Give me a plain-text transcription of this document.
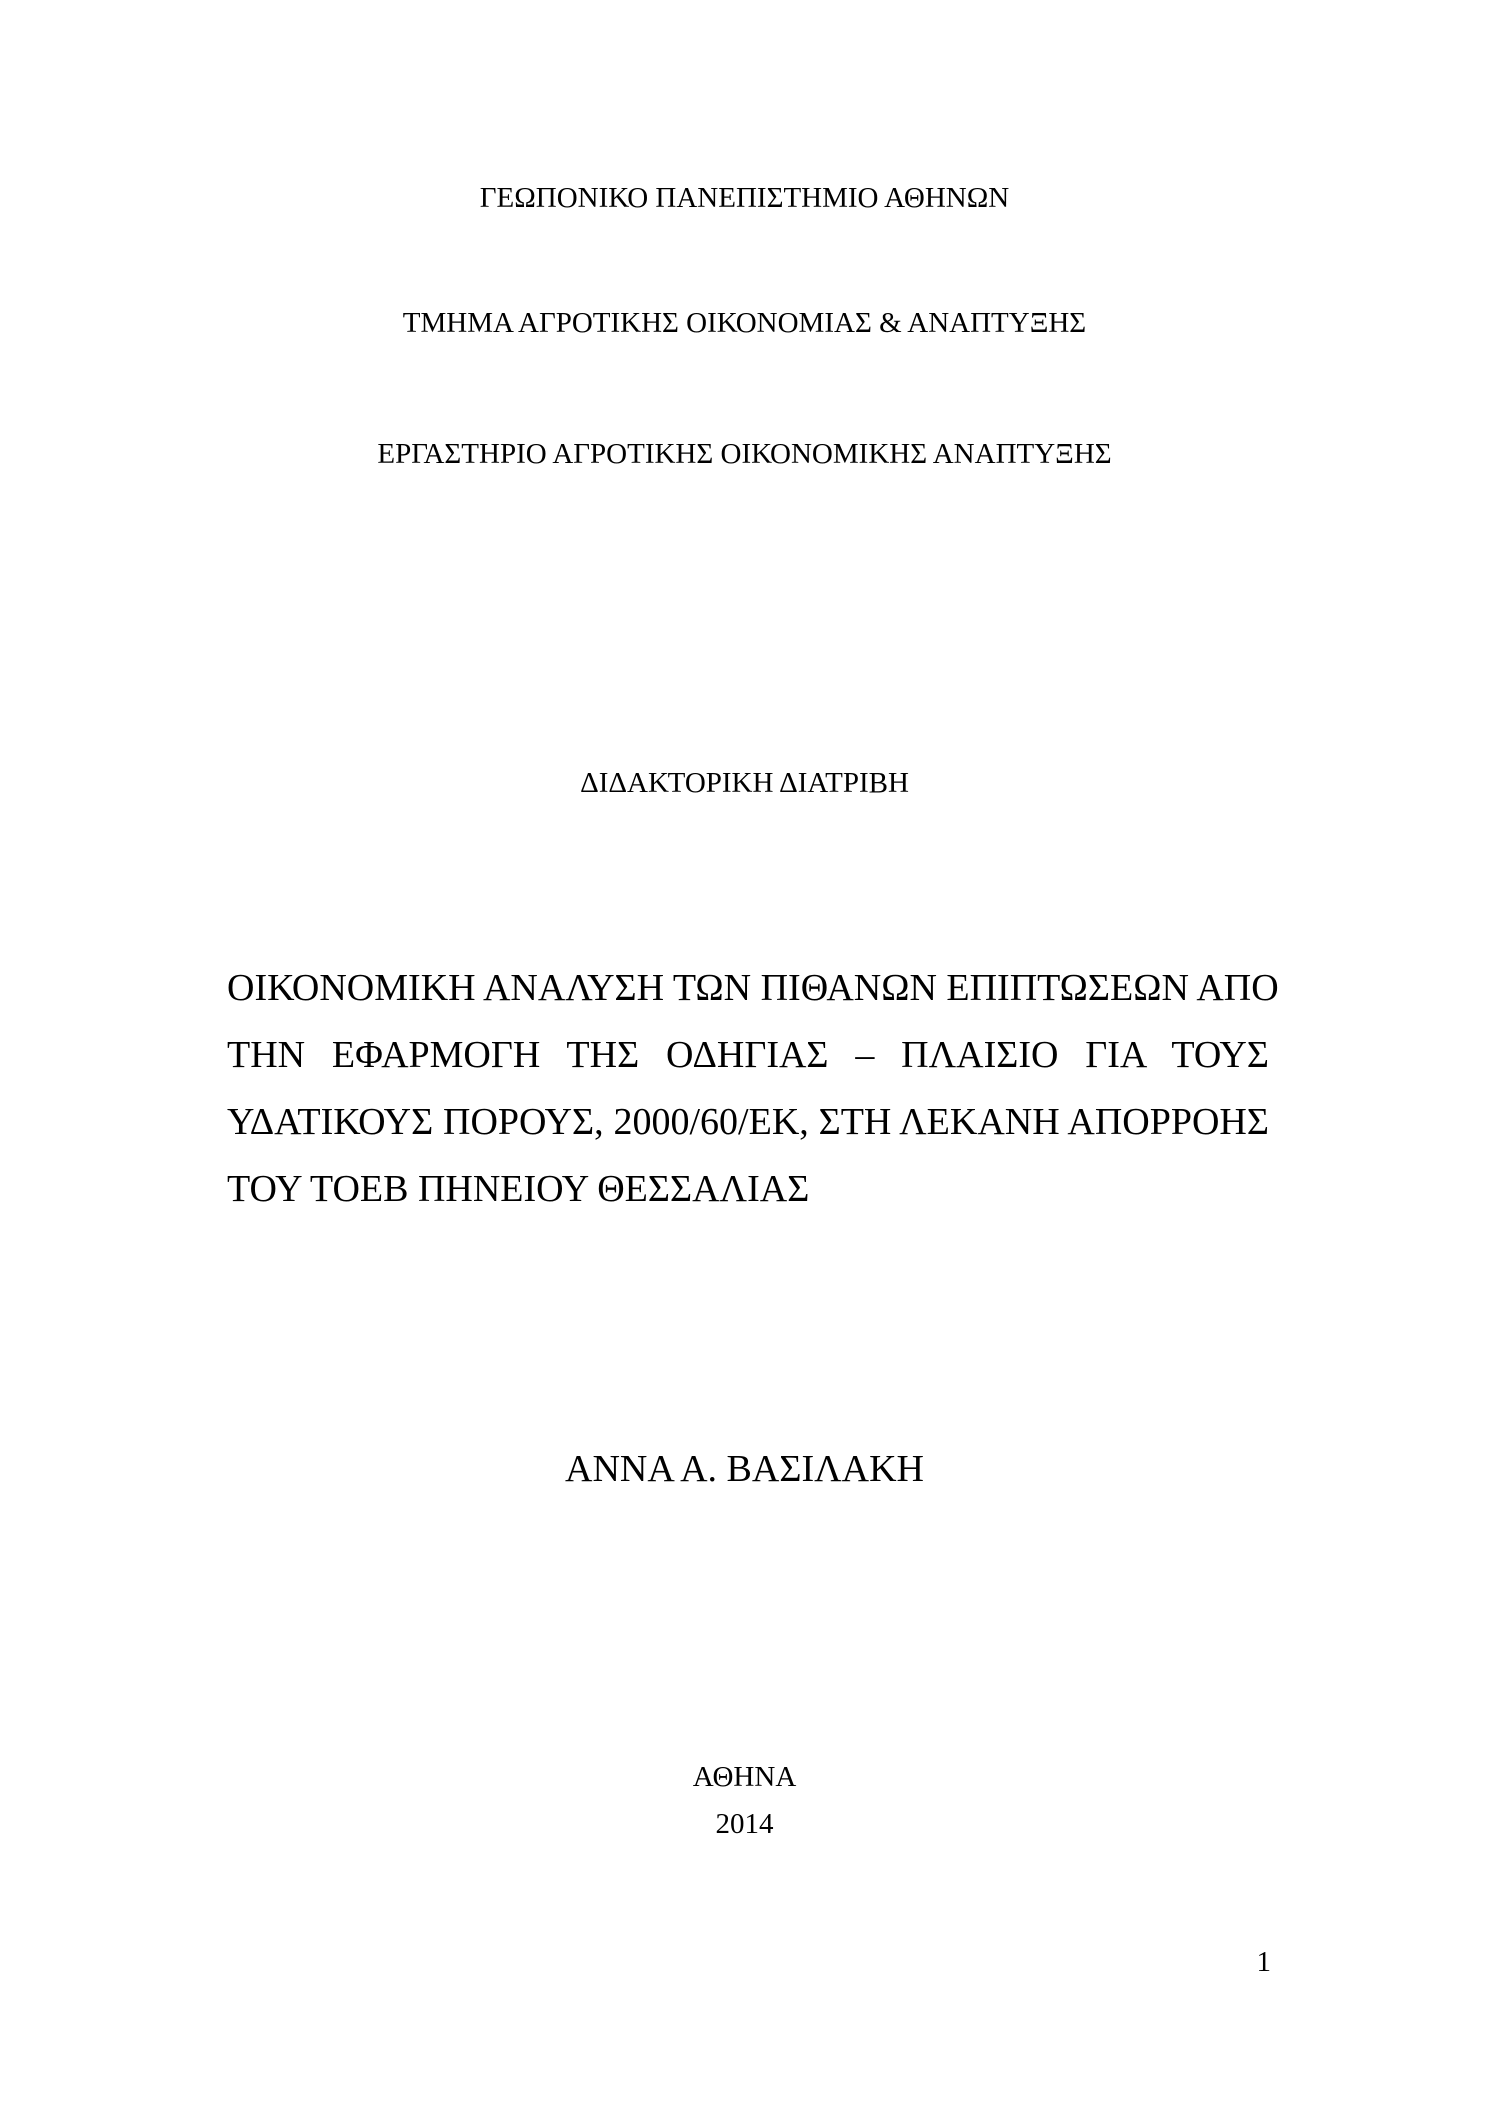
ΓΕΩΠΟΝΙΚΟ ΠΑΝΕΠΙΣΤΗΜΙΟ ΑΘΗΝΩΝ
ΤΜΗΜΑ ΑΓΡΟΤΙΚΗΣ ΟΙΚΟΝΟΜΙΑΣ & ΑΝΑΠΤΥΞΗΣ
ΕΡΓΑΣΤΗΡΙΟ ΑΓΡΟΤΙΚΗΣ ΟΙΚΟΝΟΜΙΚΗΣ ΑΝΑΠΤΥΞΗΣ
ΔΙΔΑΚΤΟΡΙΚΗ ΔΙΑΤΡΙΒΗ
ΟΙΚΟΝΟΜΙΚΗ ΑΝΑΛΥΣΗ ΤΩΝ ΠΙΘΑΝΩΝ ΕΠΙΠΤΩΣΕΩΝ ΑΠΟ
ΤΗΝ ΕΦΑΡΜΟΓΗ ΤΗΣ ΟΔΗΓΙΑΣ – ΠΛΑΙΣΙΟ ΓΙΑ ΤΟΥΣ
ΥΔΑΤΙΚΟΥΣ ΠΟΡΟΥΣ, 2000/60/ΕΚ, ΣΤΗ ΛΕΚΑΝΗ ΑΠΟΡΡΟΗΣ
ΤΟΥ ΤΟΕΒ ΠΗΝΕΙΟΥ ΘΕΣΣΑΛΙΑΣ
ΑΝΝΑ Α. ΒΑΣΙΛΑΚΗ
ΑΘΗΝΑ
2014
1
